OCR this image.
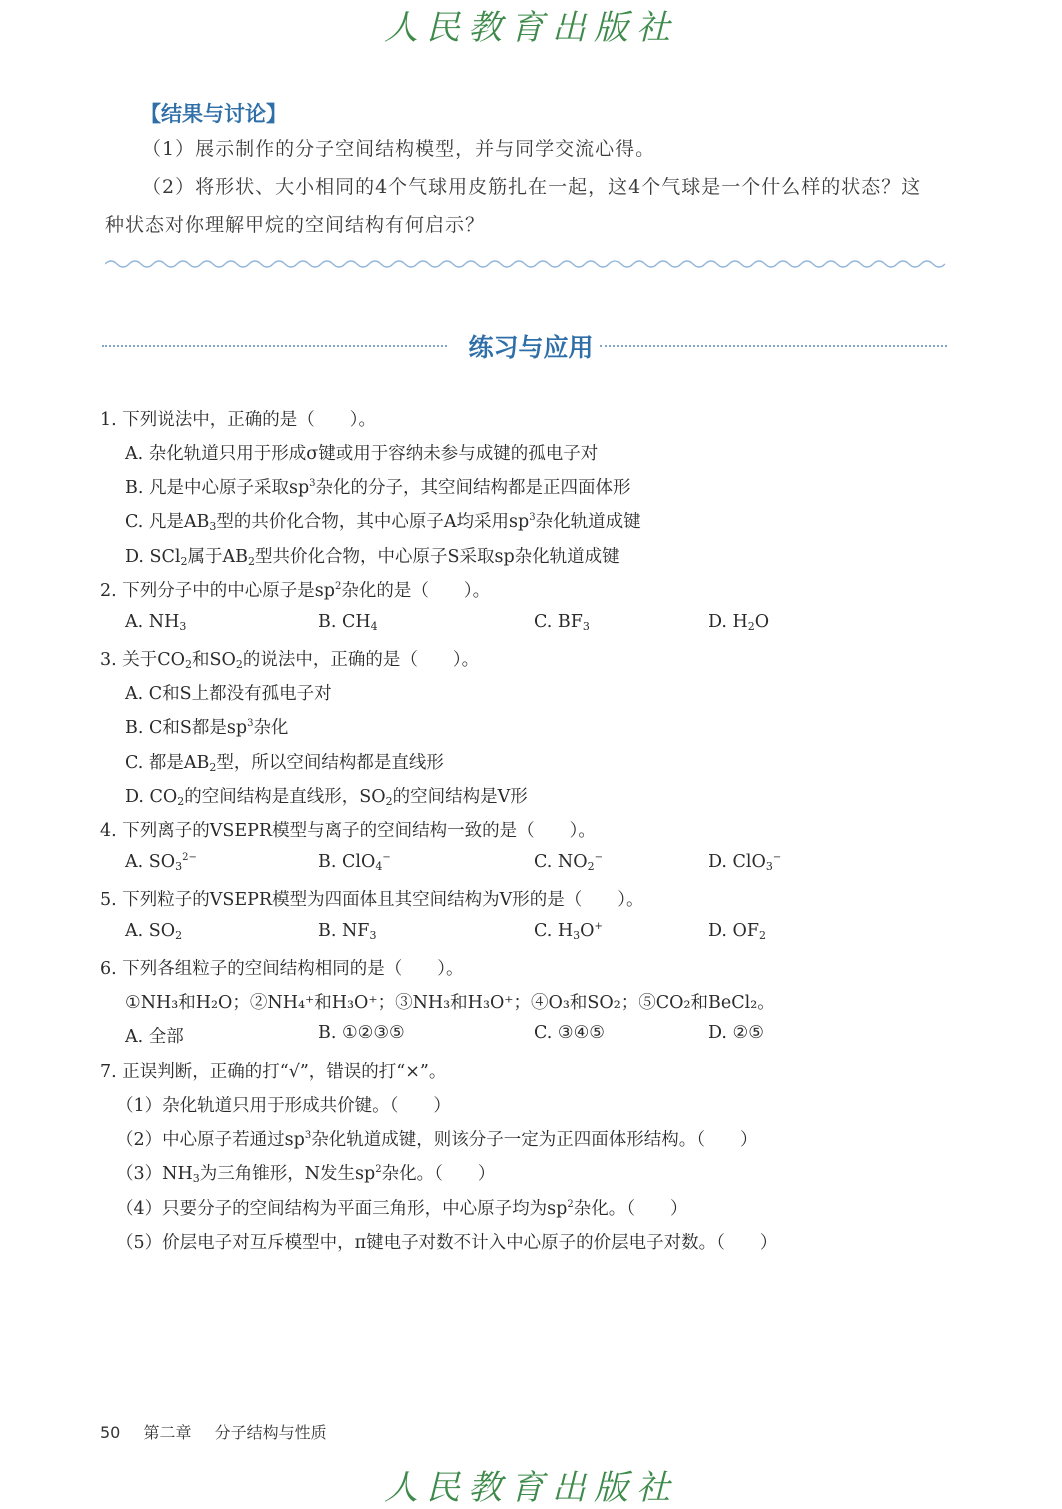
人民教育出版社
【结果与讨论】
（1）展示制作的分子空间结构模型，并与同学交流心得。
（2）将形状、大小相同的4个气球用皮筋扎在一起，这4个气球是一个什么样的状态？这
种状态对你理解甲烷的空间结构有何启示？
练习与应用
1. 下列说法中，正确的是（　　）。
A. 杂化轨道只用于形成σ键或用于容纳未参与成键的孤电子对
B. 凡是中心原子采取$sp^3$杂化的分子，其空间结构都是正四面体形
C. 凡是$AB_3$型的共价化合物，其中心原子A均采用$sp^3$杂化轨道成键
D. SCl$_2$属于$AB_2$型共价化合物，中心原子S采取sp杂化轨道成键
2. 下列分子中的中心原子是$sp^2$杂化的是（　　）。
A. $NH_3$	B. $CH_4$	C. $BF_3$	D. $H_2O$
3. 关于$CO_2$和$SO_2$的说法中，正确的是（　　）。
A. C和S上都没有孤电子对
B. C和S都是$sp^3$杂化
C. 都是$AB_2$型，所以空间结构都是直线形
D. $CO_2$的空间结构是直线形，$SO_2$的空间结构是V形
4. 下列离子的VSEPR模型与离子的空间结构一致的是（　　）。
A. $SO_3^{2-}$	B. ClO$_4$−	C. $NO_2^-$	D. ClO$_3$−
5. 下列粒子的VSEPR模型为四面体且其空间结构为V形的是（　　）。
A. $SO_2$	B. $NF_3$	C. $H_3O^+$	D. $OF_2$
6. 下列各组粒子的空间结构相同的是（　　）。
①NH₃和H₂O；②NH₄⁺和H₃O⁺；③NH₃和H₃O⁺；④O₃和SO₂；⑤CO₂和BeCl₂。
A. 全部	B. ①②③⑤	C. ③④⑤	D. ②⑤
7. 正误判断，正确的打“√”，错误的打“×”。
（1）杂化轨道只用于形成共价键。（　　）
（2）中心原子若通过$sp^3$杂化轨道成键，则该分子一定为正四面体形结构。（　　）
$(3)NH_3$为三角锥形，N发生$sp^2$杂化。（　　）
（4）只要分子的空间结构为平面三角形，中心原子均为$sp^2$杂化。（　　）
（5）价层电子对互斥模型中，π键电子对数不计入中心原子的价层电子对数。（　　）
50 第二章 分子结构与性质
人民教育出版社
